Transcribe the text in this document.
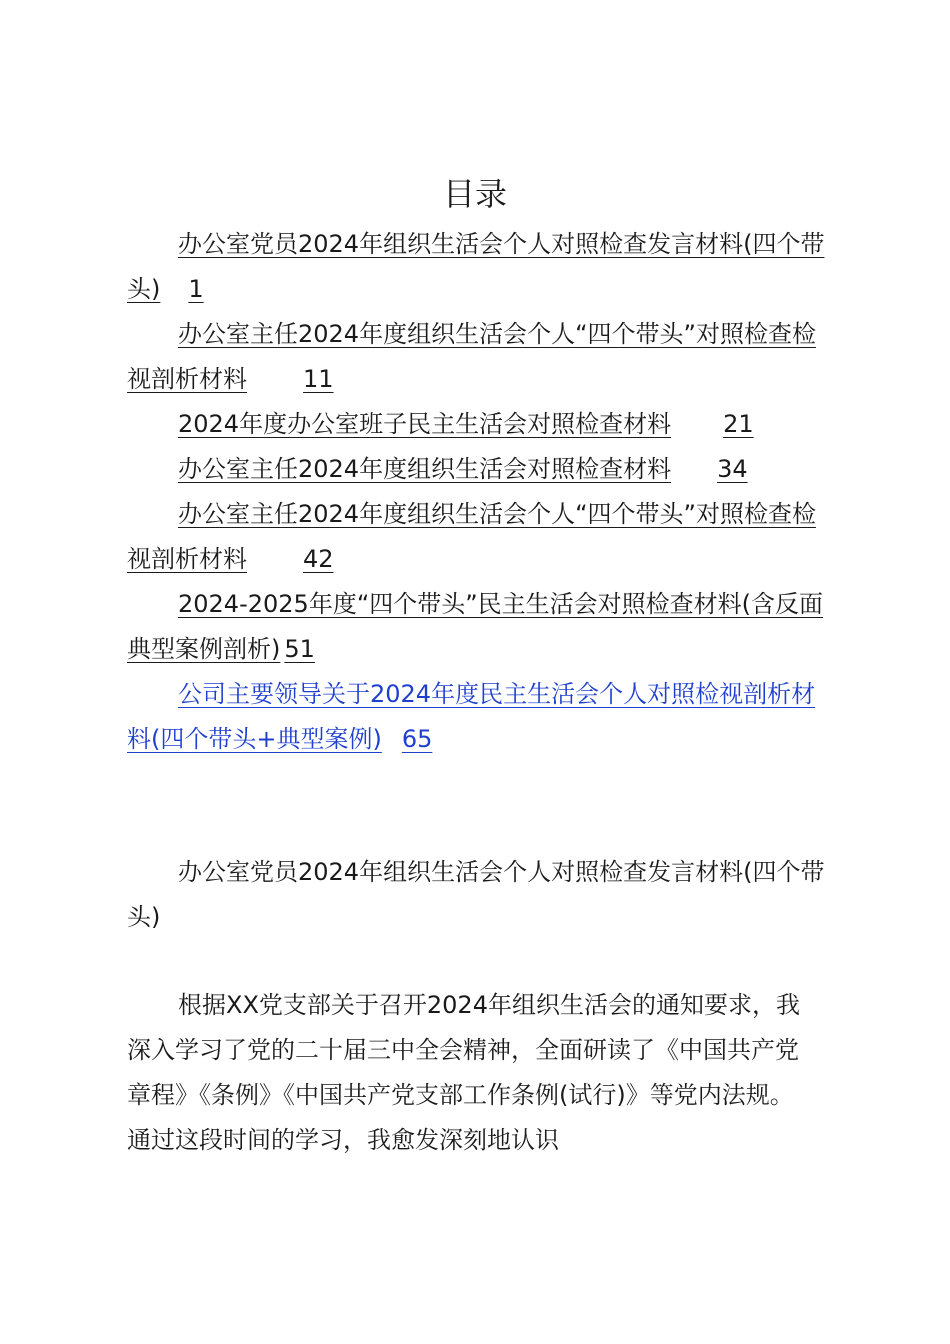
目录
办公室党员2024年组织生活会个人对照检查发言材料(四个带头) 1
办公室主任2024年度组织生活会个人“四个带头”对照检查检视剖析材料 11
2024年度办公室班子民主生活会对照检查材料 21
办公室主任2024年度组织生活会对照检查材料 34
办公室主任2024年度组织生活会个人“四个带头”对照检查检视剖析材料 42
2024-2025年度“四个带头”民主生活会对照检查材料(含反面典型案例剖析) 51
公司主要领导关于2024年度民主生活会个人对照检视剖析材料(四个带头+典型案例) 65
办公室党员2024年组织生活会个人对照检查发言材料(四个带头)

根据XX党支部关于召开2024年组织生活会的通知要求，我深入学习了党的二十届三中全会精神，全面研读了《中国共产党章程》《条例》《中国共产党支部工作条例(试行)》等党内法规。通过这段时间的学习，我愈发深刻地认识
